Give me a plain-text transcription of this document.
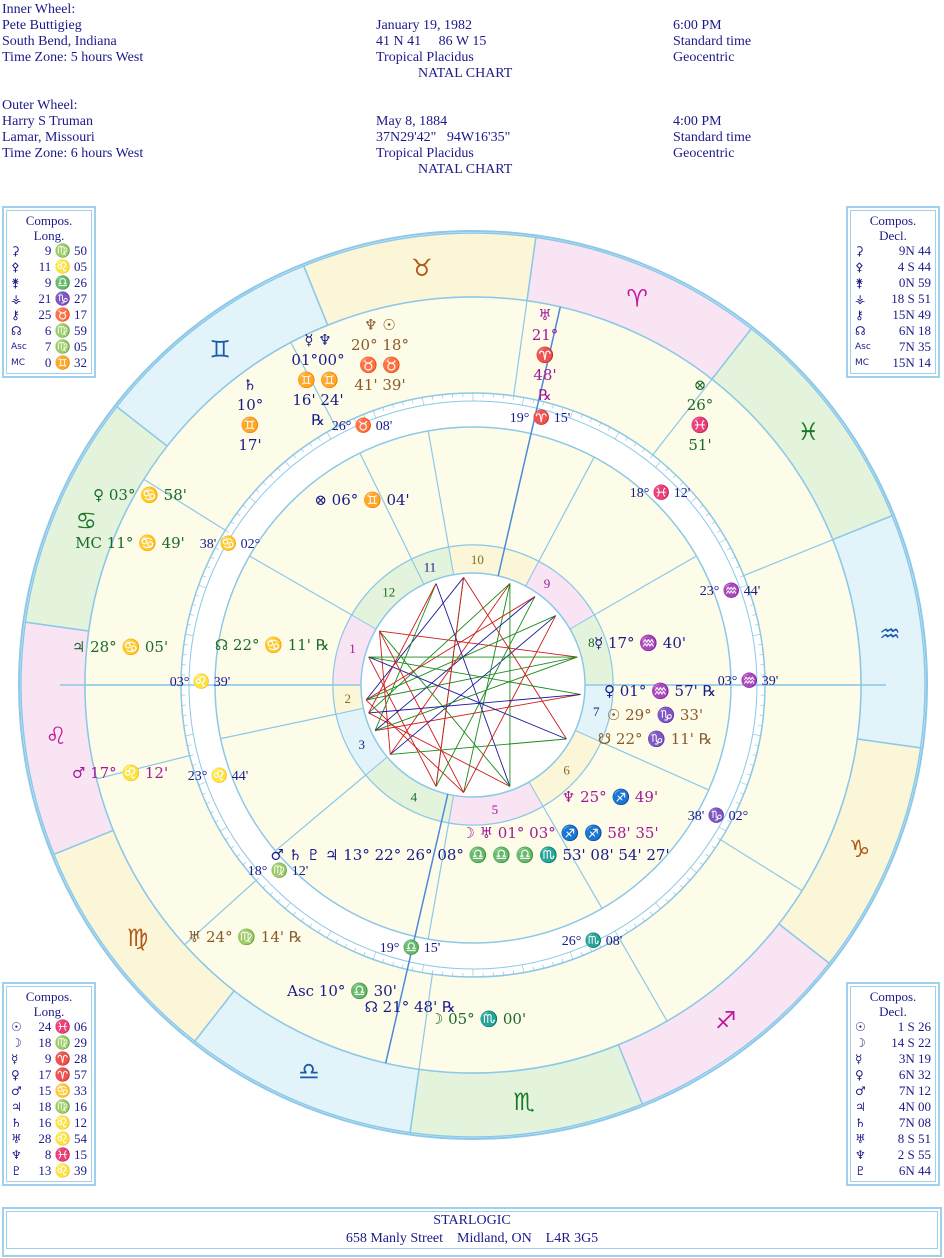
Inner Wheel:
Pete Buttigieg
South Bend, Indiana
Time Zone: 5 hours West
January 19, 1982
41 N 41     86 W 15
Tropical Placidus
NATAL CHART
6:00 PM
Standard time
Geocentric
Outer Wheel:
Harry S Truman
Lamar, Missouri
Time Zone: 6 hours West
May 8, 1884
37N29'42"   94W16'35"
Tropical Placidus
NATAL CHART
4:00 PM
Standard time
Geocentric
♉
♈
♓
♒
♑
♐
♏
♎
♍
♌
♋
♊
10
9
8
7
6
5
4
3
2
1
12
11
19° ♈ 15'
18° ♓ 12'
23° ♒ 44'
03° ♒ 39'
38' ♑ 02°
26° ♏ 08'
19° ♎ 15'
18° ♍ 12'
23° ♌ 44'
03° ♌ 39'
38' ♋ 02°
26° ♉ 08'
♆ ☉
20° 18°
♉ ♉
41' 39'
♅
21°
♈
48'
℞
⊗
26°
♓
51'
☿ ♆
01°00°
♊ ♊
16' 24'
℞
♄
10°
♊
17'
♀ 03° ♋ 58'
MC 11° ♋ 49'
♃ 28° ♋ 05'
♂ 17° ♌ 12'
♅ 24° ♍ 14' ℞
Asc 10° ♎ 30'
☊ 21° 48' ℞
☽ 05° ♏ 00'
⊗ 06° ♊ 04'
☊ 22° ♋ 11' ℞	☿ 17° ♒ 40'
♀ 01° ♒ 57' ℞
☉ 29° ♑ 33'
☋ 22° ♑ 11' ℞
♆ 25° ♐ 49'
☽ ♅ 01° 03° ♐ ♐ 58' 35'
♂ ♄ ♇ ♃ 13° 22° 26° 08° ♎ ♎ ♎ ♏ 53' 08' 54' 27'
Compos.
Long.
⚳	9 ♍ 50
⚴	11 ♌ 05
⚵	9 ♎ 26
⚶	21 ♑ 27
⚷	25 ♉ 17
☊	6 ♍ 59
Asc	7 ♍ 05
MC	0 ♊ 32
Compos.
Decl.
⚳	9N 44
⚴	4 S 44
⚵	0N 59
⚶	18 S 51
⚷	15N 49
☊	6N 18
Asc	7N 35
MC	15N 14
Compos.
Long.
☉	24 ♓ 06
☽	18 ♍ 29
☿	9 ♈ 28
♀	17 ♈ 57
♂	15 ♋ 33
♃	18 ♍ 16
♄	16 ♌ 12
♅	28 ♌ 54
♆	8 ♓ 15
♇	13 ♌ 39
Compos.
Decl.
☉	1 S 26
☽	14 S 22
☿	3N 19
♀	6N 32
♂	7N 12
♃	4N 00
♄	7N 08
♅	8 S 51
♆	2 S 55
♇	6N 44
STARLOGIC
658 Manly Street    Midland, ON    L4R 3G5
